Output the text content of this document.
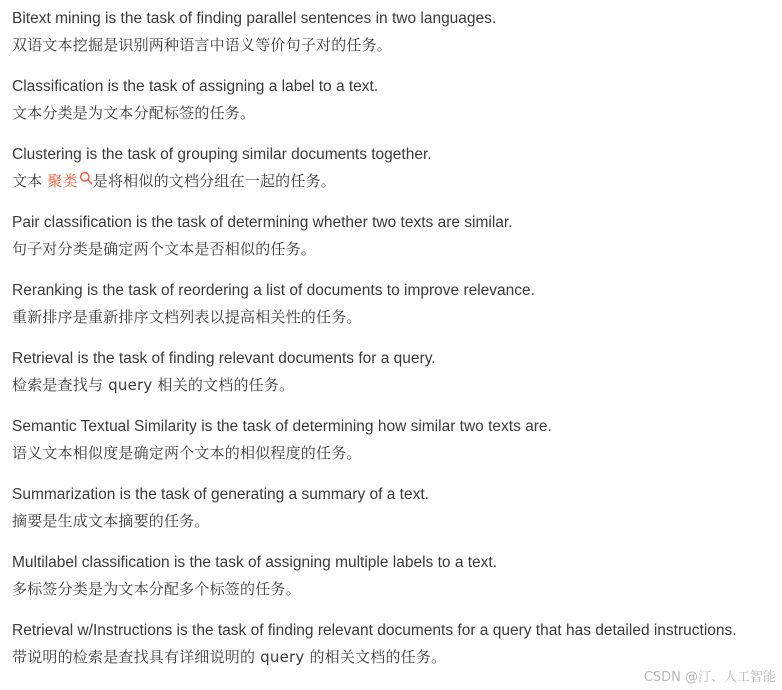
Bitext mining is the task of finding parallel sentences in two languages.
双语文本挖掘是识别两种语言中语义等价句子对的任务。
Classification is the task of assigning a label to a text.
文本分类是为文本分配标签的任务。
Clustering is the task of grouping similar documents together.
文本 聚类 是将相似的文档分组在一起的任务。
Pair classification is the task of determining whether two texts are similar.
句子对分类是确定两个文本是否相似的任务。
Reranking is the task of reordering a list of documents to improve relevance.
重新排序是重新排序文档列表以提高相关性的任务。
Retrieval is the task of finding relevant documents for a query.
检索是查找与 query 相关的文档的任务。
Semantic Textual Similarity is the task of determining how similar two texts are.
语义文本相似度是确定两个文本的相似程度的任务。
Summarization is the task of generating a summary of a text.
摘要是生成文本摘要的任务。
Multilabel classification is the task of assigning multiple labels to a text.
多标签分类是为文本分配多个标签的任务。
Retrieval w/Instructions is the task of finding relevant documents for a query that has detailed instructions.
带说明的检索是查找具有详细说明的 query 的相关文档的任务。
CSDN @汀、人工智能
